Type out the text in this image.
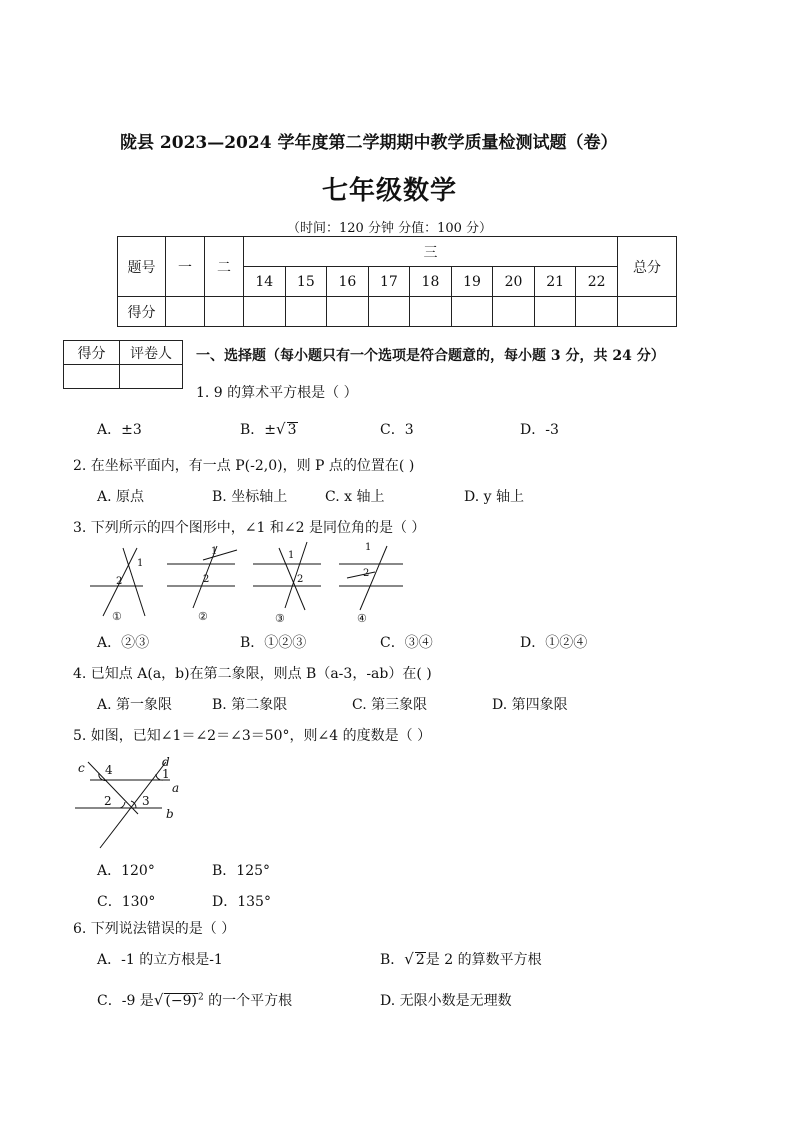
陇县 2023—2024 学年度第二学期期中教学质量检测试题（卷）
七年级数学
（时间：120 分钟 分值：100 分）
题号	一	二	三									总分
			14	15	16	17	18	19	20	21	22	
得分												
得分	评卷人
	一、选择题（每小题只有一个选项是符合题意的，每小题 3 分，共 24 分）
1. 9 的算术平方根是（ ）
A．±3	B．±√ 3	C．3	D．-3
2. 在坐标平面内，有一点 P(-2,0)，则 P 点的位置在( )
A. 原点	B. 坐标轴上	C. x 轴上	D. y 轴上
3. 下列所示的四个图形中，∠1 和∠2 是同位角的是（ ）
1
2
1
2
1
2
1
2
①	②	③	④
A．②③	B．①②③	C．③④	D．①②④
4. 已知点 A(a，b)在第二象限，则点 B（a-3，-ab）在( )
A. 第一象限	B. 第二象限	C. 第三象限	D. 第四象限
5. 如图，已知∠1＝∠2＝∠3＝50°，则∠4 的度数是（ ）
c	d
a
b
4	1
2	3
A．120°	B．125°
C．130°	D．135°
6. 下列说法错误的是（ ）
A．-1 的立方根是-1	B．√ 2是 2 的算数平方根
C．-9 是√ $(-9)^2$ 的一个平方根	D. 无限小数是无理数
